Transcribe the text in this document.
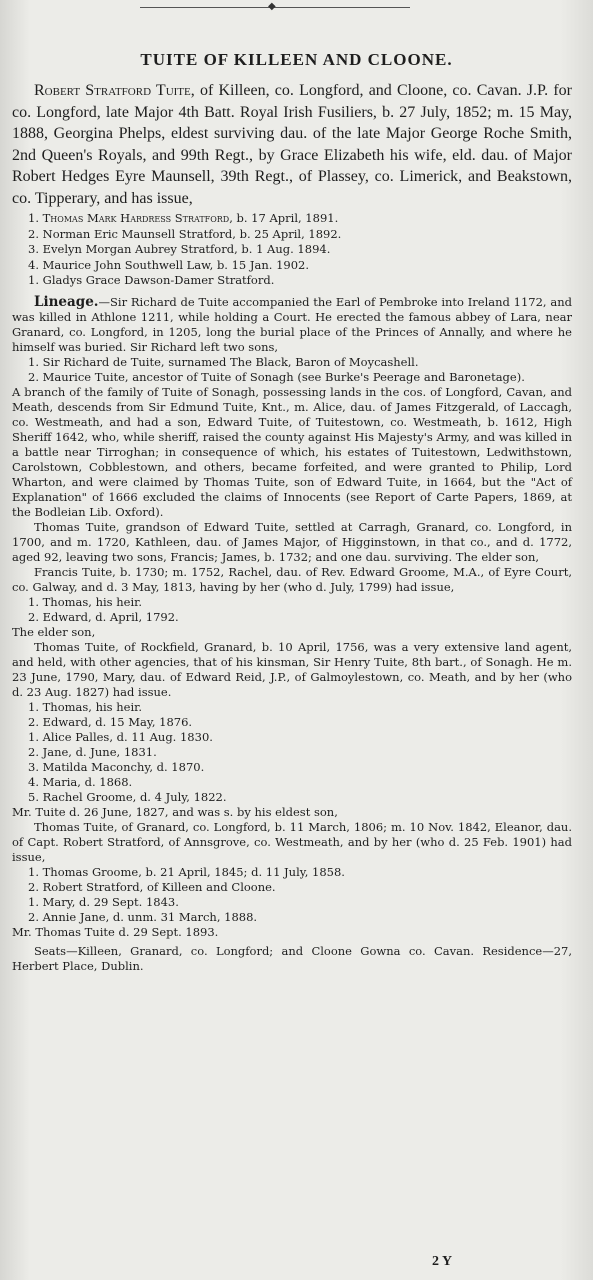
◆
TUITE OF KILLEEN AND CLOONE.

Robert Stratford Tuite, of Killeen, co. Longford, and Cloone, co. Cavan. J.P. for co. Longford, late Major 4th Batt. Royal Irish Fusiliers, b. 27 July, 1852; m. 15 May, 1888, Georgina Phelps, eldest surviving dau. of the late Major George Roche Smith, 2nd Queen's Royals, and 99th Regt., by Grace Elizabeth his wife, eld. dau. of Major Robert Hedges Eyre Maunsell, 39th Regt., of Plassey, co. Limerick, and Beakstown, co. Tipperary, and has issue,

1. Thomas Mark Hardress Stratford, b. 17 April, 1891.
2. Norman Eric Maunsell Stratford, b. 25 April, 1892.
3. Evelyn Morgan Aubrey Stratford, b. 1 Aug. 1894.
4. Maurice John Southwell Law, b. 15 Jan. 1902.
1. Gladys Grace Dawson-Damer Stratford.

Lineage.—Sir Richard de Tuite accompanied the Earl of Pembroke into Ireland 1172, and was killed in Athlone 1211, while holding a Court. He erected the famous abbey of Lara, near Granard, co. Longford, in 1205, long the burial place of the Princes of Annally, and where he himself was buried. Sir Richard left two sons,

1. Sir Richard de Tuite, surnamed The Black, Baron of Moycashell.
2. Maurice Tuite, ancestor of Tuite of Sonagh (see Burke's Peerage and Baronetage).

A branch of the family of Tuite of Sonagh, possessing lands in the cos. of Longford, Cavan, and Meath, descends from Sir Edmund Tuite, Knt., m. Alice, dau. of James Fitzgerald, of Laccagh, co. Westmeath, and had a son, Edward Tuite, of Tuitestown, co. Westmeath, b. 1612, High Sheriff 1642, who, while sheriff, raised the county against His Majesty's Army, and was killed in a battle near Tirroghan; in consequence of which, his estates of Tuitestown, Ledwithstown, Carolstown, Cobblestown, and others, became forfeited, and were granted to Philip, Lord Wharton, and were claimed by Thomas Tuite, son of Edward Tuite, in 1664, but the "Act of Explanation" of 1666 excluded the claims of Innocents (see Report of Carte Papers, 1869, at the Bodleian Lib. Oxford).

Thomas Tuite, grandson of Edward Tuite, settled at Carragh, Granard, co. Longford, in 1700, and m. 1720, Kathleen, dau. of James Major, of Higginstown, in that co., and d. 1772, aged 92, leaving two sons, Francis; James, b. 1732; and one dau. surviving. The elder son,

Francis Tuite, b. 1730; m. 1752, Rachel, dau. of Rev. Edward Groome, M.A., of Eyre Court, co. Galway, and d. 3 May, 1813, having by her (who d. July, 1799) had issue,

1. Thomas, his heir.
2. Edward, d. April, 1792.

The elder son,

Thomas Tuite, of Rockfield, Granard, b. 10 April, 1756, was a very extensive land agent, and held, with other agencies, that of his kinsman, Sir Henry Tuite, 8th bart., of Sonagh. He m. 23 June, 1790, Mary, dau. of Edward Reid, J.P., of Galmoylestown, co. Meath, and by her (who d. 23 Aug. 1827) had issue.

1. Thomas, his heir.
2. Edward, d. 15 May, 1876.
1. Alice Palles, d. 11 Aug. 1830.
2. Jane, d. June, 1831.
3. Matilda Maconchy, d. 1870.
4. Maria, d. 1868.
5. Rachel Groome, d. 4 July, 1822.

Mr. Tuite d. 26 June, 1827, and was s. by his eldest son,

Thomas Tuite, of Granard, co. Longford, b. 11 March, 1806; m. 10 Nov. 1842, Eleanor, dau. of Capt. Robert Stratford, of Annsgrove, co. Westmeath, and by her (who d. 25 Feb. 1901) had issue,

1. Thomas Groome, b. 21 April, 1845; d. 11 July, 1858.
2. Robert Stratford, of Killeen and Cloone.
1. Mary, d. 29 Sept. 1843.
2. Annie Jane, d. unm. 31 March, 1888.

Mr. Thomas Tuite d. 29 Sept. 1893.

Seats—Killeen, Granard, co. Longford; and Cloone Gowna co. Cavan. Residence—27, Herbert Place, Dublin.

2 Y
